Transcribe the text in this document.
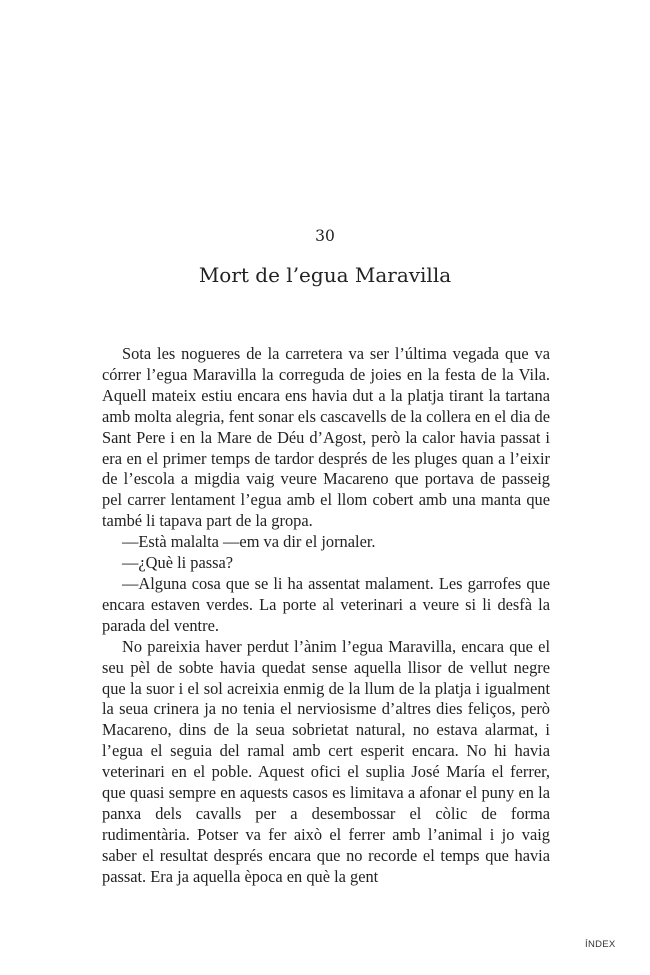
30
Mort de l’egua Maravilla

Sota les nogueres de la carretera va ser l’última vegada que va córrer l’egua Maravilla la correguda de joies en la festa de la Vila. Aquell mateix estiu encara ens havia dut a la platja tirant la tartana amb molta alegria, fent sonar els cascavells de la collera en el dia de Sant Pere i en la Mare de Déu d’Agost, però la calor havia passat i era en el primer temps de tardor després de les pluges quan a l’eixir de l’escola a migdia vaig veure Macareno que portava de passeig pel carrer lentament l’egua amb el llom cobert amb una manta que també li tapava part de la gropa.

—Està malalta —em va dir el jornaler.

—¿Què li passa?

—Alguna cosa que se li ha assentat malament. Les garrofes que encara estaven verdes. La porte al veterinari a veure si li desfà la parada del ventre.

No pareixia haver perdut l’ànim l’egua Maravilla, encara que el seu pèl de sobte havia quedat sense aquella llisor de vellut negre que la suor i el sol acreixia enmig de la llum de la platja i igualment la seua crinera ja no tenia el nerviosisme d’altres dies feliços, però Macareno, dins de la seua sobrietat natural, no estava alarmat, i l’egua el seguia del ramal amb cert esperit encara. No hi havia veterinari en el poble. Aquest ofici el suplia José María el ferrer, que quasi sempre en aquests casos es limitava a afonar el puny en la panxa dels cavalls per a desembossar el còlic de forma rudimentària. Potser va fer això el ferrer amb l’animal i jo vaig saber el resultat després encara que no recorde el temps que havia passat. Era ja aquella època en què la gent

ÍNDEX
